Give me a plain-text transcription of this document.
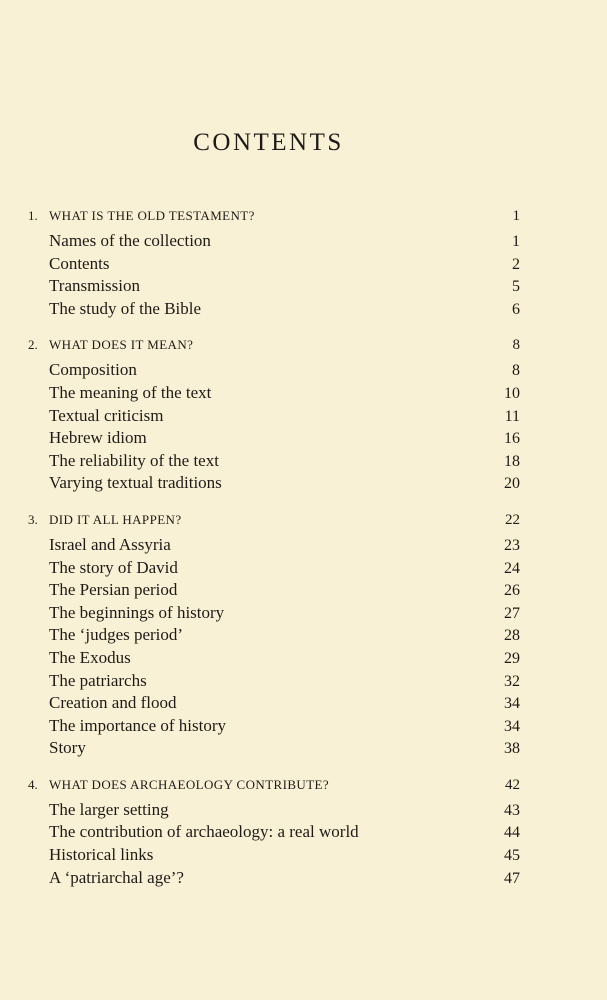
CONTENTS
1. WHAT IS THE OLD TESTAMENT?	1
Names of the collection	1
Contents	2
Transmission	5
The study of the Bible	6
2. WHAT DOES IT MEAN?	8
Composition	8
The meaning of the text	10
Textual criticism	11
Hebrew idiom	16
The reliability of the text	18
Varying textual traditions	20
3. DID IT ALL HAPPEN?	22
Israel and Assyria	23
The story of David	24
The Persian period	26
The beginnings of history	27
The ‘judges period’	28
The Exodus	29
The patriarchs	32
Creation and flood	34
The importance of history	34
Story	38
4. WHAT DOES ARCHAEOLOGY CONTRIBUTE?	42
The larger setting	43
The contribution of archaeology: a real world	44
Historical links	45
A ‘patriarchal age’?	47
